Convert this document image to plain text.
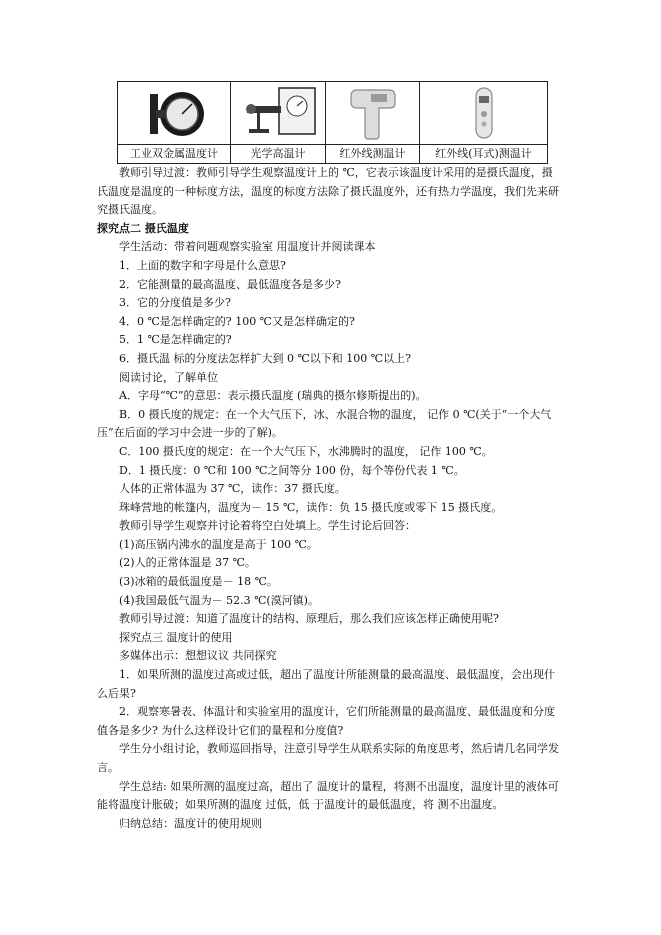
工业双金属温度计	光学高温计	红外线测温计	红外线(耳式)测温计

教师引导过渡：教师引导学生观察温度计上的 ℃，它表示该温度计采用的是摄氏温度，摄氏温度是温度的一种标度方法，温度的标度方法除了摄氏温度外，还有热力学温度，我们先来研究摄氏温度。

探究点二 摄氏温度

学生活动：带着问题观察实验室 用温度计并阅读课本

1．上面的数字和字母是什么意思?

2．它能测量的最高温度、最低温度各是多少?

3．它的分度值是多少?

4．0 ℃是怎样确定的? 100 ℃又是怎样确定的?

5．1 ℃是怎样确定的?

6．摄氏温 标的分度法怎样扩大到 0 ℃以下和 100 ℃以上?

阅读讨论，了解单位

A．字母“℃”的意思：表示摄氏温度 (瑞典的摄尔修斯提出的)。

B．0 摄氏度的规定：在一个大气压下，冰、水混合物的温度， 记作 0 ℃(关于“一个大气压”在后面的学习中会进一步的了解)。

C．100 摄氏度的规定：在一个大气压下，水沸腾时的温度， 记作 100 ℃。

D．1 摄氏度：0 ℃和 100 ℃之间等分 100 份，每个等份代表 1 ℃。

人体的正常体温为 37 ℃，读作：37 摄氏度。

珠峰营地的帐篷内，温度为－ 15 ℃，读作：负 15 摄氏度或零下 15 摄氏度。

教师引导学生观察并讨论着将空白处填上。学生讨论后回答：

(1)高压锅内沸水的温度是高于 100 ℃。

(2)人的正常体温是 37 ℃。

(3)冰箱的最低温度是－ 18 ℃。

(4)我国最低气温为－ 52.3 ℃(漠河镇)。

教师引导过渡：知道了温度计的结构、原理后，那么我们应该怎样正确使用呢?

探究点三 温度计的使用

多媒体出示：想想议议 共同探究

1．如果所测的温度过高或过低，超出了温度计所能测量的最高温度、最低温度，会出现什么后果?

2．观察寒暑表、体温计和实验室用的温度计，它们所能测量的最高温度、最低温度和分度值各是多少? 为什么这样设计它们的量程和分度值?

学生分小组讨论，教师巡回指导，注意引导学生从联系实际的角度思考，然后请几名同学发言。

学生总结: 如果所测的温度过高，超出了 温度计的量程，将测不出温度，温度计里的液体可能将温度计胀破；如果所测的温度 过低，低 于温度计的最低温度，将 测不出温度。

归纳总结：温度计的使用规则
